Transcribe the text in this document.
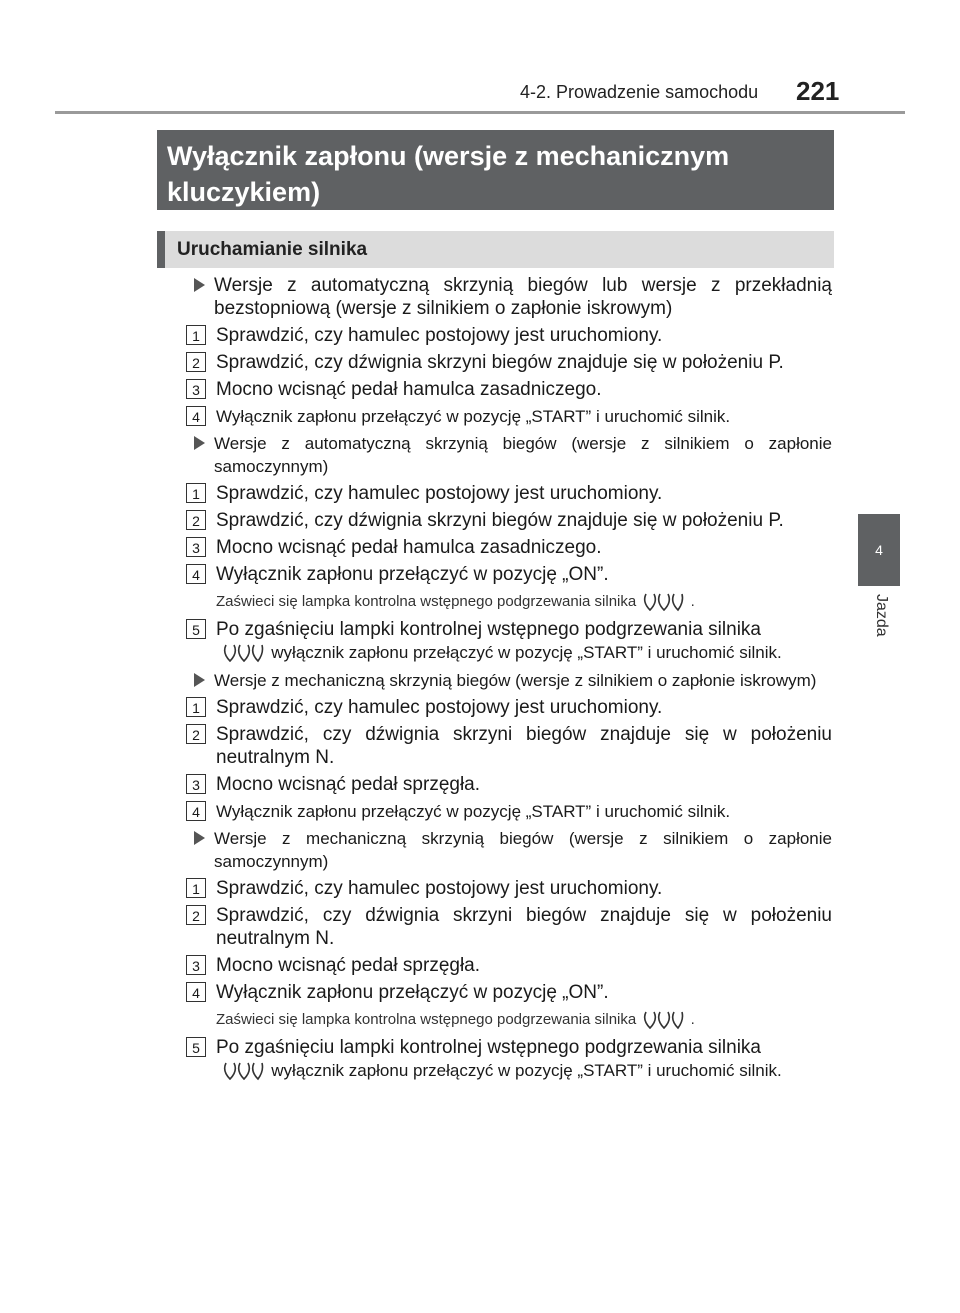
4-2. Prowadzenie samochodu 221
4
Jazda
Wyłącznik zapłonu (wersje z mechanicznym kluczykiem)
Uruchamianie silnika
Wersje z automatyczną skrzynią biegów lub wersje z przekładnią bezstopniową (wersje z silnikiem o zapłonie iskrowym)
1 Sprawdzić, czy hamulec postojowy jest uruchomiony.
2 Sprawdzić, czy dźwignia skrzyni biegów znajduje się w położeniu P.
3 Mocno wcisnąć pedał hamulca zasadniczego.
4 Wyłącznik zapłonu przełączyć w pozycję „START” i uruchomić silnik.
Wersje z automatyczną skrzynią biegów (wersje z silnikiem o zapłonie samoczynnym)
1 Sprawdzić, czy hamulec postojowy jest uruchomiony.
2 Sprawdzić, czy dźwignia skrzyni biegów znajduje się w położeniu P.
3 Mocno wcisnąć pedał hamulca zasadniczego.
4 Wyłącznik zapłonu przełączyć w pozycję „ON”.
Zaświeci się lampka kontrolna wstępnego podgrzewania silnika	.
5 Po zgaśnięciu lampki kontrolnej wstępnego podgrzewania silnika
wyłącznik zapłonu przełączyć w pozycję „START” i uruchomić silnik.
Wersje z mechaniczną skrzynią biegów (wersje z silnikiem o zapłonie iskrowym)
1 Sprawdzić, czy hamulec postojowy jest uruchomiony.
2 Sprawdzić, czy dźwignia skrzyni biegów znajduje się w położeniu neutralnym N.
3 Mocno wcisnąć pedał sprzęgła.
4 Wyłącznik zapłonu przełączyć w pozycję „START” i uruchomić silnik.
Wersje z mechaniczną skrzynią biegów (wersje z silnikiem o zapłonie samoczynnym)
1 Sprawdzić, czy hamulec postojowy jest uruchomiony.
2 Sprawdzić, czy dźwignia skrzyni biegów znajduje się w położeniu neutralnym N.
3 Mocno wcisnąć pedał sprzęgła.
4 Wyłącznik zapłonu przełączyć w pozycję „ON”.
Zaświeci się lampka kontrolna wstępnego podgrzewania silnika	.
5 Po zgaśnięciu lampki kontrolnej wstępnego podgrzewania silnika
wyłącznik zapłonu przełączyć w pozycję „START” i uruchomić silnik.
